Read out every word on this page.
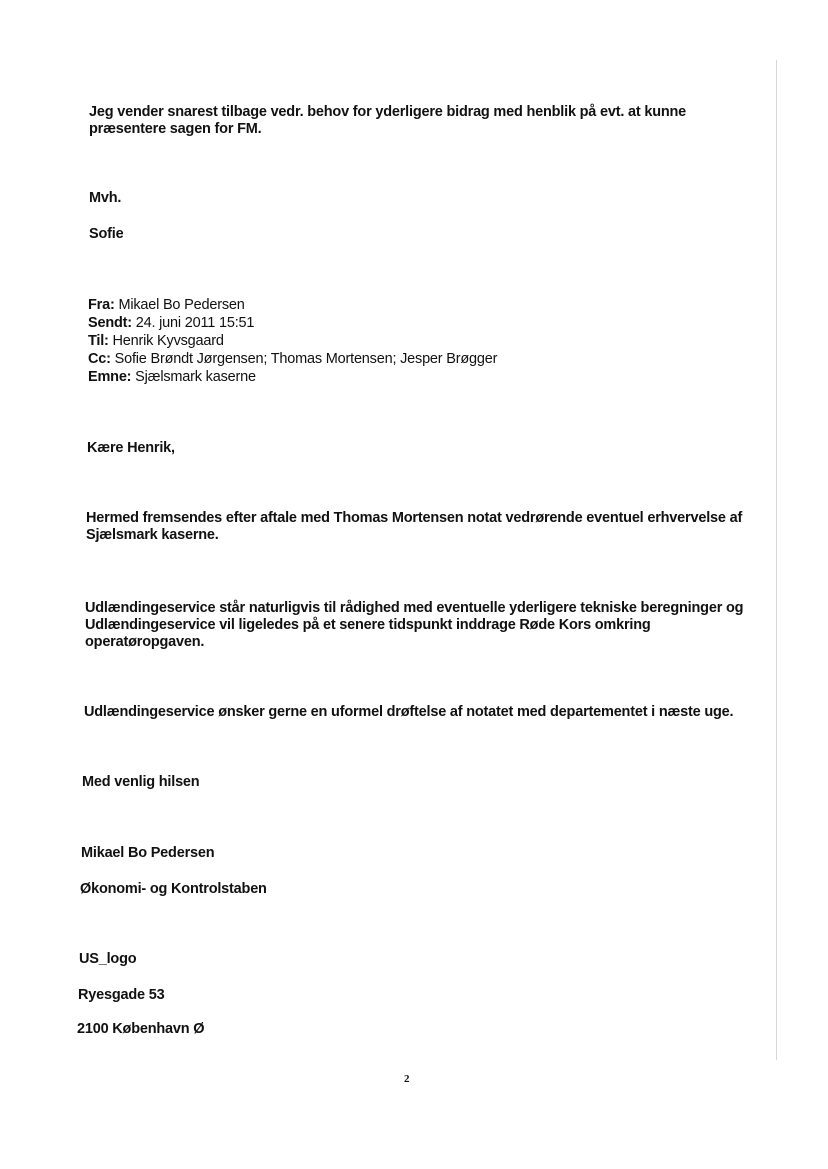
Jeg vender snarest tilbage vedr. behov for yderligere bidrag med henblik på evt. at kunne præsentere sagen for FM.

Mvh.
Sofie
Fra: Mikael Bo Pedersen
Sendt: 24. juni 2011 15:51
Til: Henrik Kyvsgaard
Cc: Sofie Brøndt Jørgensen; Thomas Mortensen; Jesper Brøgger
Emne: Sjælsmark kaserne
Kære Henrik,

Hermed fremsendes efter aftale med Thomas Mortensen notat vedrørende eventuel erhvervelse af Sjælsmark kaserne.

Udlændingeservice står naturligvis til rådighed med eventuelle yderligere tekniske beregninger og Udlændingeservice vil ligeledes på et senere tidspunkt inddrage Røde Kors omkring operatøropgaven.

Udlændingeservice ønsker gerne en uformel drøftelse af notatet med departementet i næste uge.
Med venlig hilsen
Mikael Bo Pedersen
Økonomi- og Kontrolstaben
US_logo
Ryesgade 53
2100 København Ø
2
